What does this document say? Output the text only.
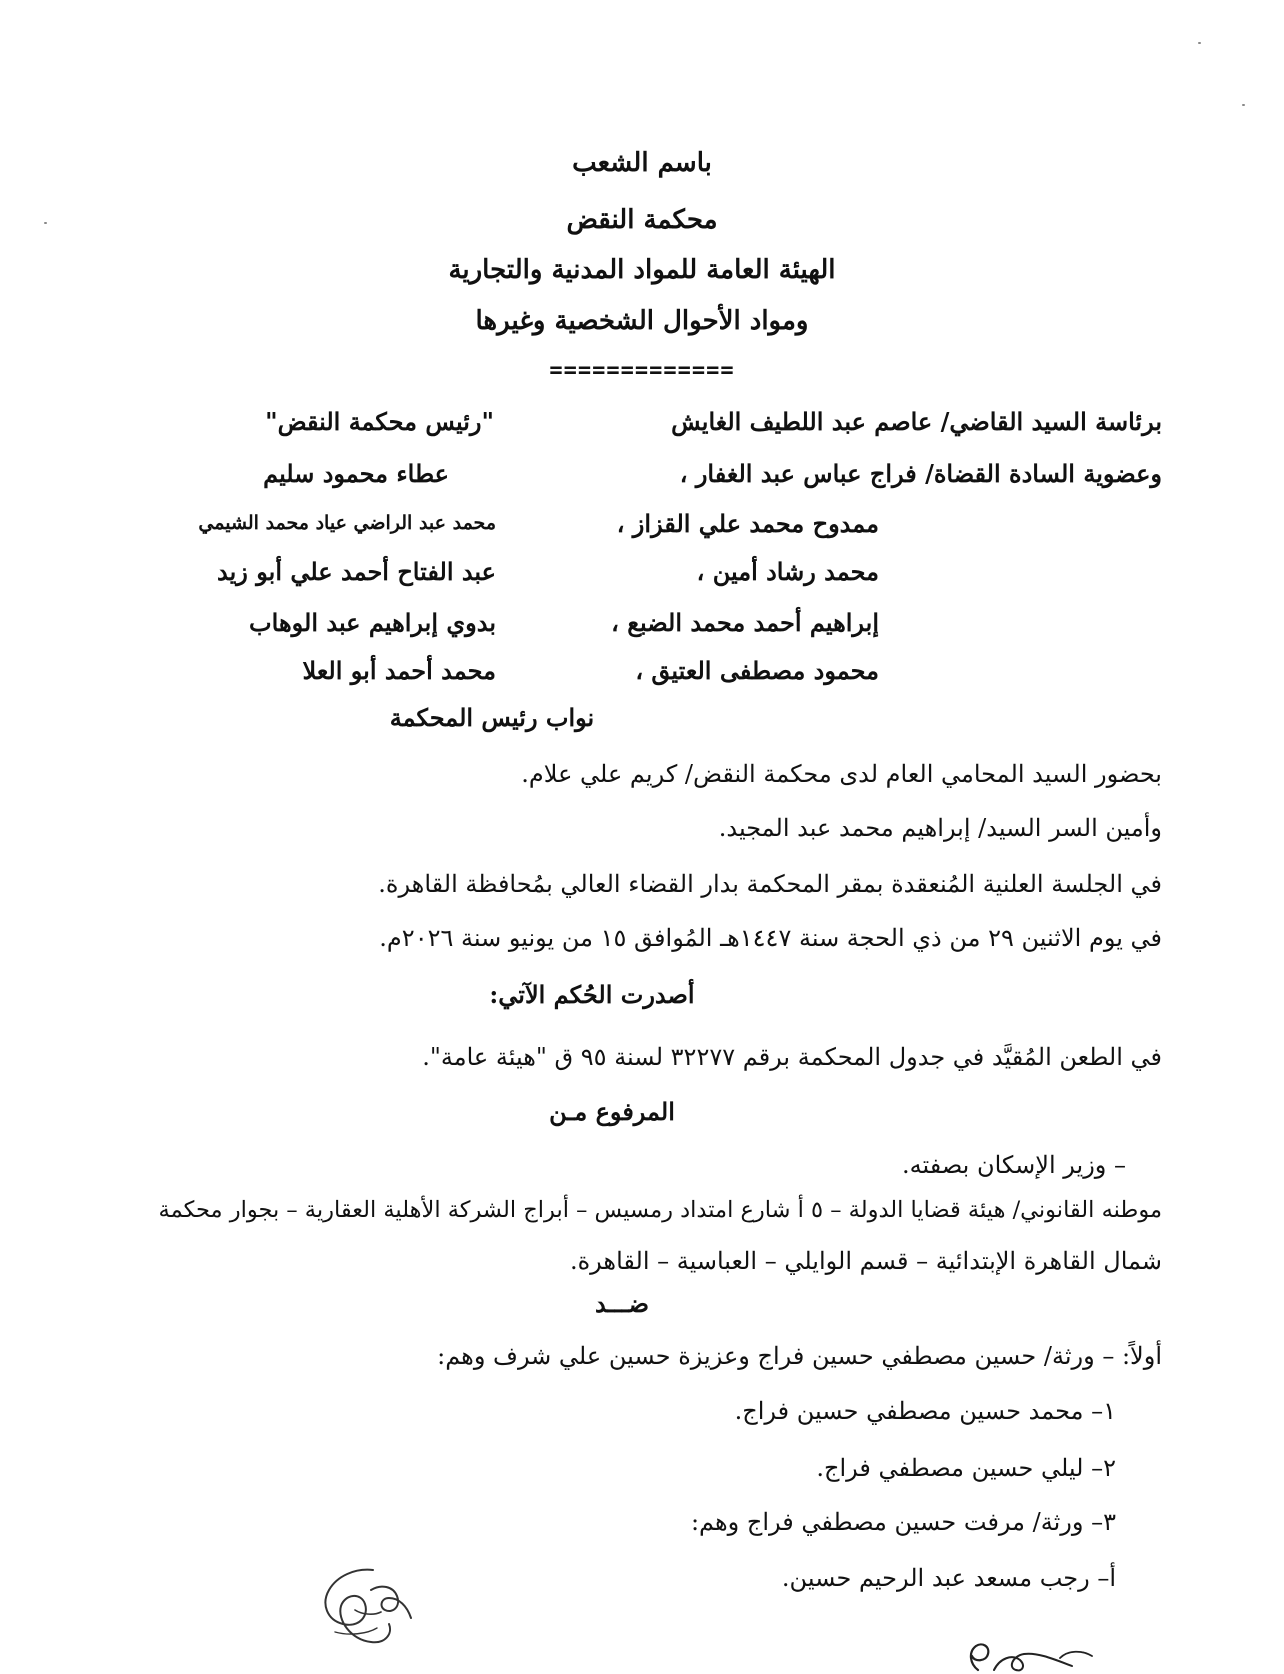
باسم الشعب
محكمة النقض
الهيئة العامة للمواد المدنية والتجارية
ومواد الأحوال الشخصية وغيرها
=============
برئاسة السيد القاضي/ عاصم عبد اللطيف الغايش
"رئيس محكمة النقض"
وعضوية السادة القضاة/ فراج عباس عبد الغفار ،
عطاء محمود سليم
ممدوح محمد علي القزاز ،
محمد عبد الراضي عياد محمد الشيمي
محمد رشاد أمين ،
عبد الفتاح أحمد علي أبو زيد
إبراهيم أحمد محمد الضبع ،
بدوي إبراهيم عبد الوهاب
محمود مصطفى العتيق ،
محمد أحمد أبو العلا
نواب رئيس المحكمة
بحضور السيد المحامي العام لدى محكمة النقض/ كريم علي علام.
وأمين السر السيد/ إبراهيم محمد عبد المجيد.
في الجلسة العلنية المُنعقدة بمقر المحكمة بدار القضاء العالي بمُحافظة القاهرة.
في يوم الاثنين ٢٩ من ذي الحجة سنة ١٤٤٧هـ المُوافق ١٥ من يونيو سنة ٢٠٢٦م.
أصدرت الحُكم الآتي:
في الطعن المُقيَّد في جدول المحكمة برقم ٣٢٢٧٧ لسنة ٩٥ ق "هيئة عامة".
المرفوع مـن
– وزير الإسكان بصفته.
موطنه القانوني/ هيئة قضايا الدولة – ٥ أ شارع امتداد رمسيس – أبراج الشركة الأهلية العقارية – بجوار محكمة
شمال القاهرة الإبتدائية – قسم الوايلي – العباسية – القاهرة.
ضـــد
أولاً: – ورثة/ حسين مصطفي حسين فراج وعزيزة حسين علي شرف وهم:
١– محمد حسين مصطفي حسين فراج.
٢– ليلي حسين مصطفي فراج.
٣– ورثة/ مرفت حسين مصطفي فراج وهم:
أ– رجب مسعد عبد الرحيم حسين.
